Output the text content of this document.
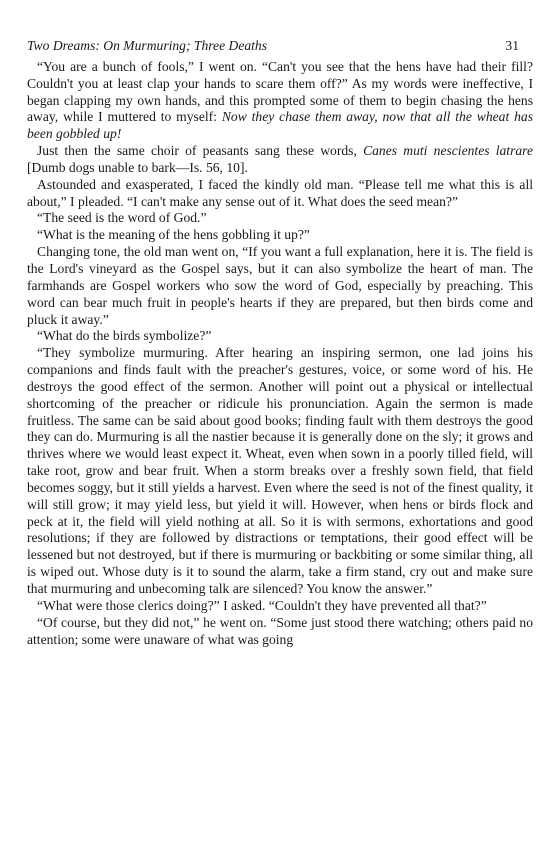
Two Dreams: On Murmuring; Three Deaths	31

“You are a bunch of fools,” I went on. “Can't you see that the hens have had their fill? Couldn't you at least clap your hands to scare them off?” As my words were ineffective, I began clapping my own hands, and this prompted some of them to begin chasing the hens away, while I muttered to myself: Now they chase them away, now that all the wheat has been gobbled up!

Just then the same choir of peasants sang these words, Canes muti nescientes latrare [Dumb dogs unable to bark—Is. 56, 10].

Astounded and exasperated, I faced the kindly old man. “Please tell me what this is all about,” I pleaded. “I can't make any sense out of it. What does the seed mean?”

“The seed is the word of God.”

“What is the meaning of the hens gobbling it up?”

Changing tone, the old man went on, “If you want a full explanation, here it is. The field is the Lord's vineyard as the Gospel says, but it can also symbolize the heart of man. The farmhands are Gospel workers who sow the word of God, especially by preaching. This word can bear much fruit in people's hearts if they are prepared, but then birds come and pluck it away.”

“What do the birds symbolize?”

“They symbolize murmuring. After hearing an inspiring sermon, one lad joins his companions and finds fault with the preacher's gestures, voice, or some word of his. He destroys the good effect of the sermon. Another will point out a physical or intellectual shortcoming of the preacher or ridicule his pronunciation. Again the sermon is made fruitless. The same can be said about good books; finding fault with them destroys the good they can do. Murmuring is all the nastier because it is generally done on the sly; it grows and thrives where we would least expect it. Wheat, even when sown in a poorly tilled field, will take root, grow and bear fruit. When a storm breaks over a freshly sown field, that field becomes soggy, but it still yields a harvest. Even where the seed is not of the finest quality, it will still grow; it may yield less, but yield it will. However, when hens or birds flock and peck at it, the field will yield nothing at all. So it is with sermons, exhortations and good resolutions; if they are followed by distractions or temptations, their good effect will be lessened but not destroyed, but if there is murmuring or backbiting or some similar thing, all is wiped out. Whose duty is it to sound the alarm, take a firm stand, cry out and make sure that murmuring and unbecoming talk are silenced? You know the answer.”

“What were those clerics doing?” I asked. “Couldn't they have prevented all that?”

“Of course, but they did not,” he went on. “Some just stood there watching; others paid no attention; some were unaware of what was going
